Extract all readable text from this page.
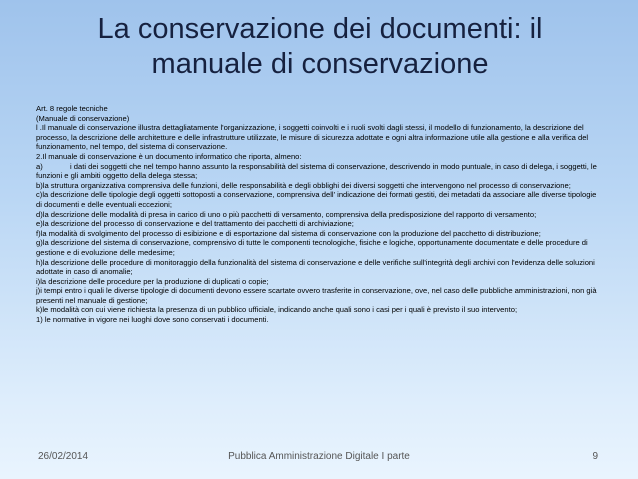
La conservazione dei documenti: il manuale di conservazione

Art. 8 regole tecniche

(Manuale di conservazione)

l .Il manuale di conservazione illustra dettagliatamente l'organizzazione, i soggetti coinvolti e i ruoli svolti dagli stessi, il modello di funzionamento, la descrizione del processo, la descrizione delle architetture e delle infrastrutture utilizzate, le misure di sicurezza adottate e ogni altra informazione utile alla gestione e alla verifica del funzionamento, nel tempo, del sistema di conservazione.

2.Il manuale di conservazione è un documento informatico che riporta, almeno:

a)	i dati dei soggetti che nel tempo hanno assunto la responsabilità del sistema di conservazione, descrivendo in modo puntuale, in caso di delega, i soggetti, le funzioni e gli ambiti oggetto della delega stessa;

b)la struttura organizzativa comprensiva delle funzioni, delle responsabilità e degli obblighi dei diversi soggetti che intervengono nel processo di conservazione;

c)la descrizione delle tipologie degli oggetti sottoposti a conservazione, comprensiva dell' indicazione dei formati gestiti, dei metadati da associare alle diverse tipologie di documenti e delle eventuali eccezioni;

d)la descrizione delle modalità di presa in carico di uno o più pacchetti di versamento, comprensiva della predisposizione del rapporto di versamento;

e)la descrizione del processo di conservazione e del trattamento dei pacchetti di archiviazione;

f)la modalità di svolgimento del processo di esibizione e di esportazione dal sistema di conservazione con la produzione del pacchetto di distribuzione;

g)la descrizione del sistema di conservazione, comprensivo di tutte le componenti tecnologiche, fisiche e logiche, opportunamente documentate e delle procedure di gestione e di evoluzione delle medesime;

h)la descrizione delle procedure di monitoraggio della funzionalità del sistema di conservazione e delle verifiche sull'integrità degli archivi con l'evidenza delle soluzioni adottate in caso di anomalie;

i)la descrizione delle procedure per la produzione di duplicati o copie;

j)i tempi entro i quali le diverse tipologie di documenti devono essere scartate ovvero trasferite in conservazione, ove, nel caso delle pubbliche amministrazioni, non già presenti nel manuale di gestione;

k)le modalità con cui viene richiesta la presenza di un pubblico ufficiale, indicando anche quali sono i casi per i quali è previsto il suo intervento;

1) le normative in vigore nei luoghi dove sono conservati i documenti.

26/02/2014	Pubblica Amministrazione Digitale I parte	9
